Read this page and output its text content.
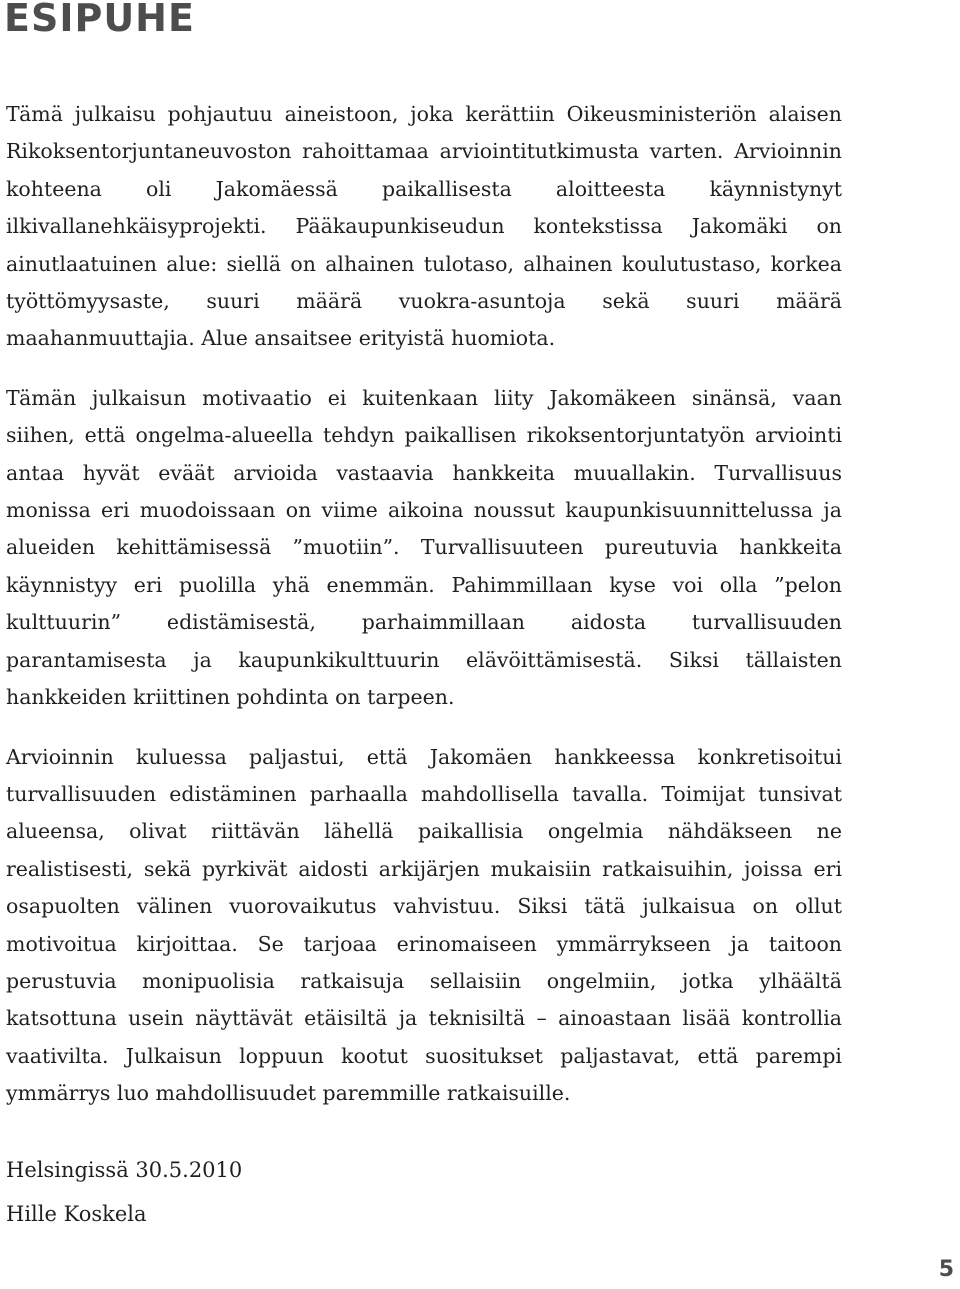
ESIPUHE

Tämä julkaisu pohjautuu aineistoon, joka kerättiin Oikeusministeriön alaisen Rikoksentorjuntaneuvoston rahoittamaa arviointitutkimusta varten. Arvioinnin kohteena oli Jakomäessä paikallisesta aloitteesta käynnistynyt ilkivallanehkäisyprojekti. Pääkaupunkiseudun kontekstissa Jakomäki on ainutlaatuinen alue: siellä on alhainen tulotaso, alhainen koulutustaso, korkea työttömyysaste, suuri määrä vuokra-asuntoja sekä suuri määrä maahanmuuttajia. Alue ansaitsee erityistä huomiota.

Tämän julkaisun motivaatio ei kuitenkaan liity Jakomäkeen sinänsä, vaan siihen, että ongelma-alueella tehdyn paikallisen rikoksentorjuntatyön arviointi antaa hyvät eväät arvioida vastaavia hankkeita muuallakin. Turvallisuus monissa eri muodoissaan on viime aikoina noussut kaupunkisuunnittelussa ja alueiden kehittämisessä ”muotiin”. Turvallisuuteen pureutuvia hankkeita käynnistyy eri puolilla yhä enemmän. Pahimmillaan kyse voi olla ”pelon kulttuurin” edistämisestä, parhaimmillaan aidosta turvallisuuden parantamisesta ja kaupunkikulttuurin elävöittämisestä. Siksi tällaisten hankkeiden kriittinen pohdinta on tarpeen.

Arvioinnin kuluessa paljastui, että Jakomäen hankkeessa konkretisoitui turvallisuuden edistäminen parhaalla mahdollisella tavalla. Toimijat tunsivat alueensa, olivat riittävän lähellä paikallisia ongelmia nähdäkseen ne realistisesti, sekä pyrkivät aidosti arkijärjen mukaisiin ratkaisuihin, joissa eri osapuolten välinen vuorovaikutus vahvistuu. Siksi tätä julkaisua on ollut motivoitua kirjoittaa. Se tarjoaa erinomaiseen ymmärrykseen ja taitoon perustuvia monipuolisia ratkaisuja sellaisiin ongelmiin, jotka ylhäältä katsottuna usein näyttävät etäisiltä ja teknisiltä – ainoastaan lisää kontrollia vaativilta. Julkaisun loppuun kootut suositukset paljastavat, että parempi ymmärrys luo mahdollisuudet paremmille ratkaisuille.

Helsingissä 30.5.2010
Hille Koskela
5
